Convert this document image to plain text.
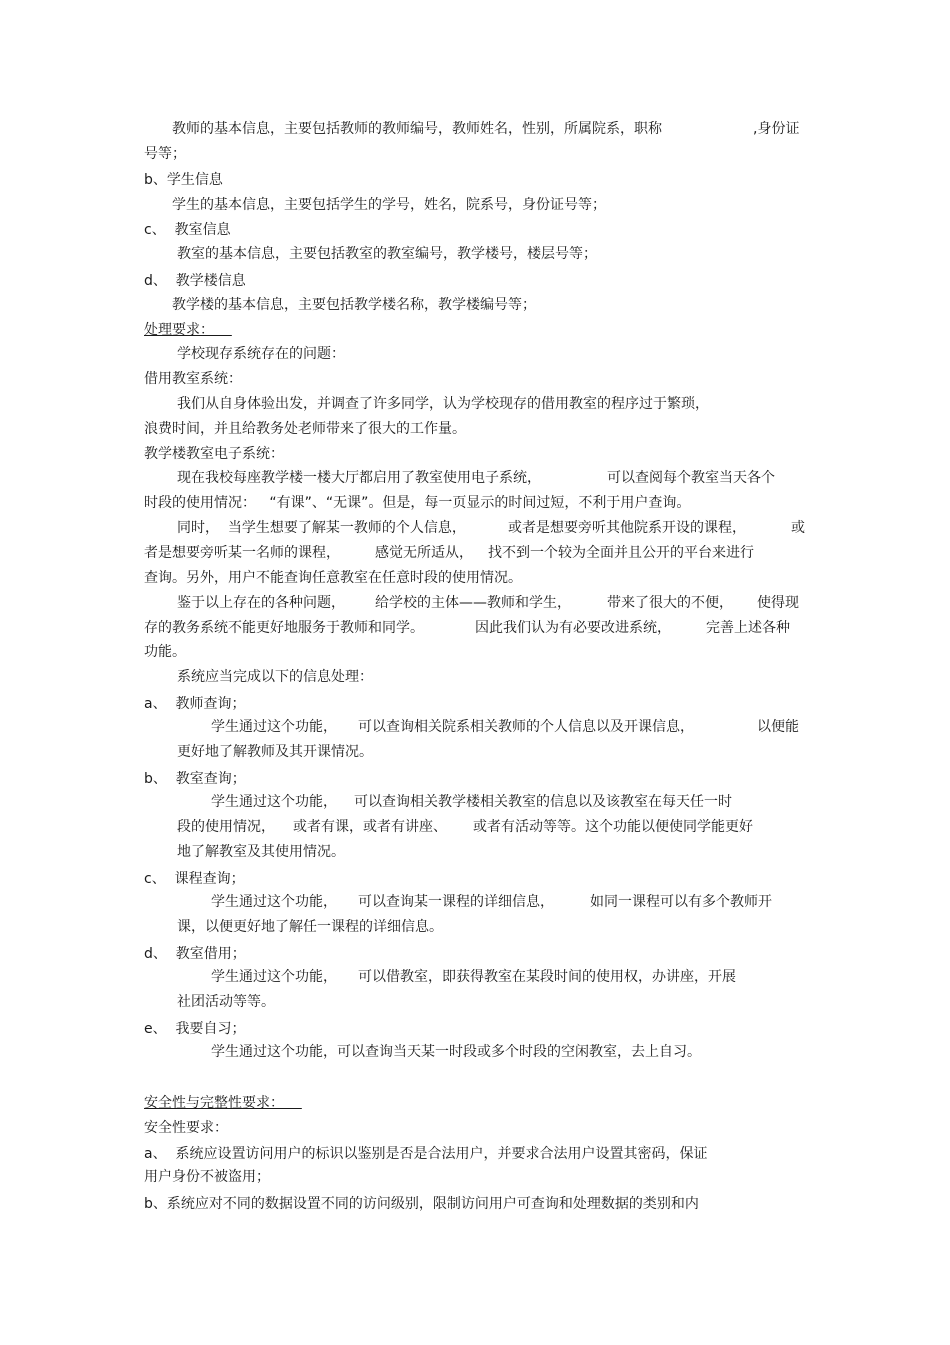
教师的基本信息，主要包括教师的教师编号，教师姓名，性别，所属院系，职称	,身份证
号等；
b、学生信息
学生的基本信息，主要包括学生的学号，姓名，院系号，身份证号等；
c、  教室信息
教室的基本信息，主要包括教室的教室编号，教学楼号，楼层号等；
d、  教学楼信息
教学楼的基本信息，主要包括教学楼名称，教学楼编号等；
处理要求：
学校现存系统存在的问题：
借用教室系统：
我们从自身体验出发，并调查了许多同学，认为学校现存的借用教室的程序过于繁琐，
浪费时间，并且给教务处老师带来了很大的工作量。
教学楼教室电子系统：
现在我校每座教学楼一楼大厅都启用了教室使用电子系统，	可以查阅每个教室当天各个
时段的使用情况：   “有课”、“无课”。但是，每一页显示的时间过短，不利于用户查询。
同时，  当学生想要了解某一教师的个人信息，	或者是想要旁听其他院系开设的课程，	或
者是想要旁听某一名师的课程，	感觉无所适从， 找不到一个较为全面并且公开的平台来进行
查询。另外，用户不能查询任意教室在任意时段的使用情况。
鉴于以上存在的各种问题， 给学校的主体——教师和学生，	带来了很大的不便， 使得现
存的教务系统不能更好地服务于教师和同学。	因此我们认为有必要改进系统，	完善上述各种
功能。
系统应当完成以下的信息处理：
a、  教师查询；
学生通过这个功能， 可以查询相关院系相关教师的个人信息以及开课信息，	以便能
更好地了解教师及其开课情况。
b、  教室查询；
学生通过这个功能， 可以查询相关教学楼相关教室的信息以及该教室在每天任一时
段的使用情况， 或者有课，或者有讲座、 或者有活动等等。这个功能以便使同学能更好
地了解教室及其使用情况。
c、  课程查询；
学生通过这个功能， 可以查询某一课程的详细信息，	如同一课程可以有多个教师开
课，以便更好地了解任一课程的详细信息。
d、  教室借用；
学生通过这个功能， 可以借教室，即获得教室在某段时间的使用权，办讲座，开展
社团活动等等。
e、  我要自习；
学生通过这个功能，可以查询当天某一时段或多个时段的空闲教室，去上自习。
安全性与完整性要求：
安全性要求：
a、  系统应设置访问用户的标识以鉴别是否是合法用户，并要求合法用户设置其密码，保证
用户身份不被盗用；
b、系统应对不同的数据设置不同的访问级别，限制访问用户可查询和处理数据的类别和内
